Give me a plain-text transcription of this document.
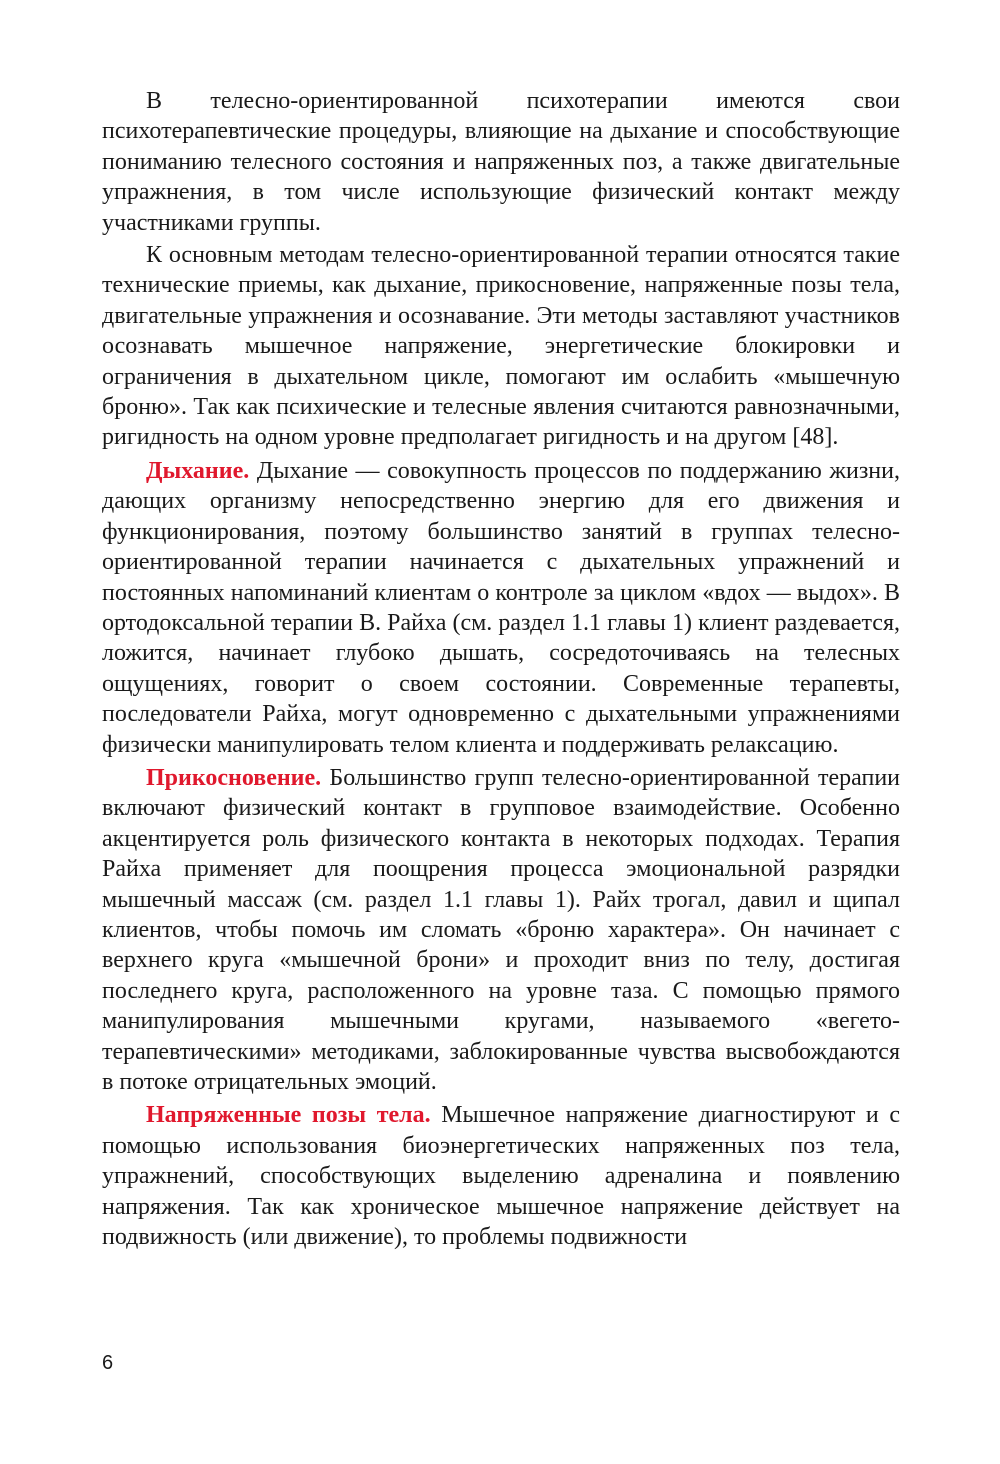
В телесно-ориентированной психотерапии имеются свои психотерапевтические процедуры, влияющие на дыхание и способствующие пониманию телесного состояния и напряженных поз, а также двигательные упражнения, в том числе использующие физический контакт между участниками группы.

К основным методам телесно-ориентированной терапии относятся такие технические приемы, как дыхание, прикосновение, напряженные позы тела, двигательные упражнения и осознавание. Эти методы заставляют участников осознавать мышечное напряжение, энергетические блокировки и ограничения в дыхательном цикле, помогают им ослабить «мышечную броню». Так как психические и телесные явления считаются равнозначными, ригидность на одном уровне предполагает ригидность и на другом [48].

Дыхание. Дыхание — совокупность процессов по поддержанию жизни, дающих организму непосредственно энергию для его движения и функционирования, поэтому большинство занятий в группах телесно-ориентированной терапии начинается с дыхательных упражнений и постоянных напоминаний клиентам о контроле за циклом «вдох — выдох». В ортодоксальной терапии В. Райха (см. раздел 1.1 главы 1) клиент раздевается, ложится, начинает глубоко дышать, сосредоточиваясь на телесных ощущениях, говорит о своем состоянии. Современные терапевты, последователи Райха, могут одновременно с дыхательными упражнениями физически манипулировать телом клиента и поддерживать релаксацию.

Прикосновение. Большинство групп телесно-ориентированной терапии включают физический контакт в групповое взаимодействие. Особенно акцентируется роль физического контакта в некоторых подходах. Терапия Райха применяет для поощрения процесса эмоциональной разрядки мышечный массаж (см. раздел 1.1 главы 1). Райх трогал, давил и щипал клиентов, чтобы помочь им сломать «броню характера». Он начинает с верхнего круга «мышечной брони» и проходит вниз по телу, достигая последнего круга, расположенного на уровне таза. С помощью прямого манипулирования мышечными кругами, называемого «вегето-терапевтическими» методиками, заблокированные чувства высвобождаются в потоке отрицательных эмоций.

Напряженные позы тела. Мышечное напряжение диагностируют и с помощью использования биоэнергетических напряженных поз тела, упражнений, способствующих выделению адреналина и появлению напряжения. Так как хроническое мышечное напряжение действует на подвижность (или движение), то проблемы подвижности

6
